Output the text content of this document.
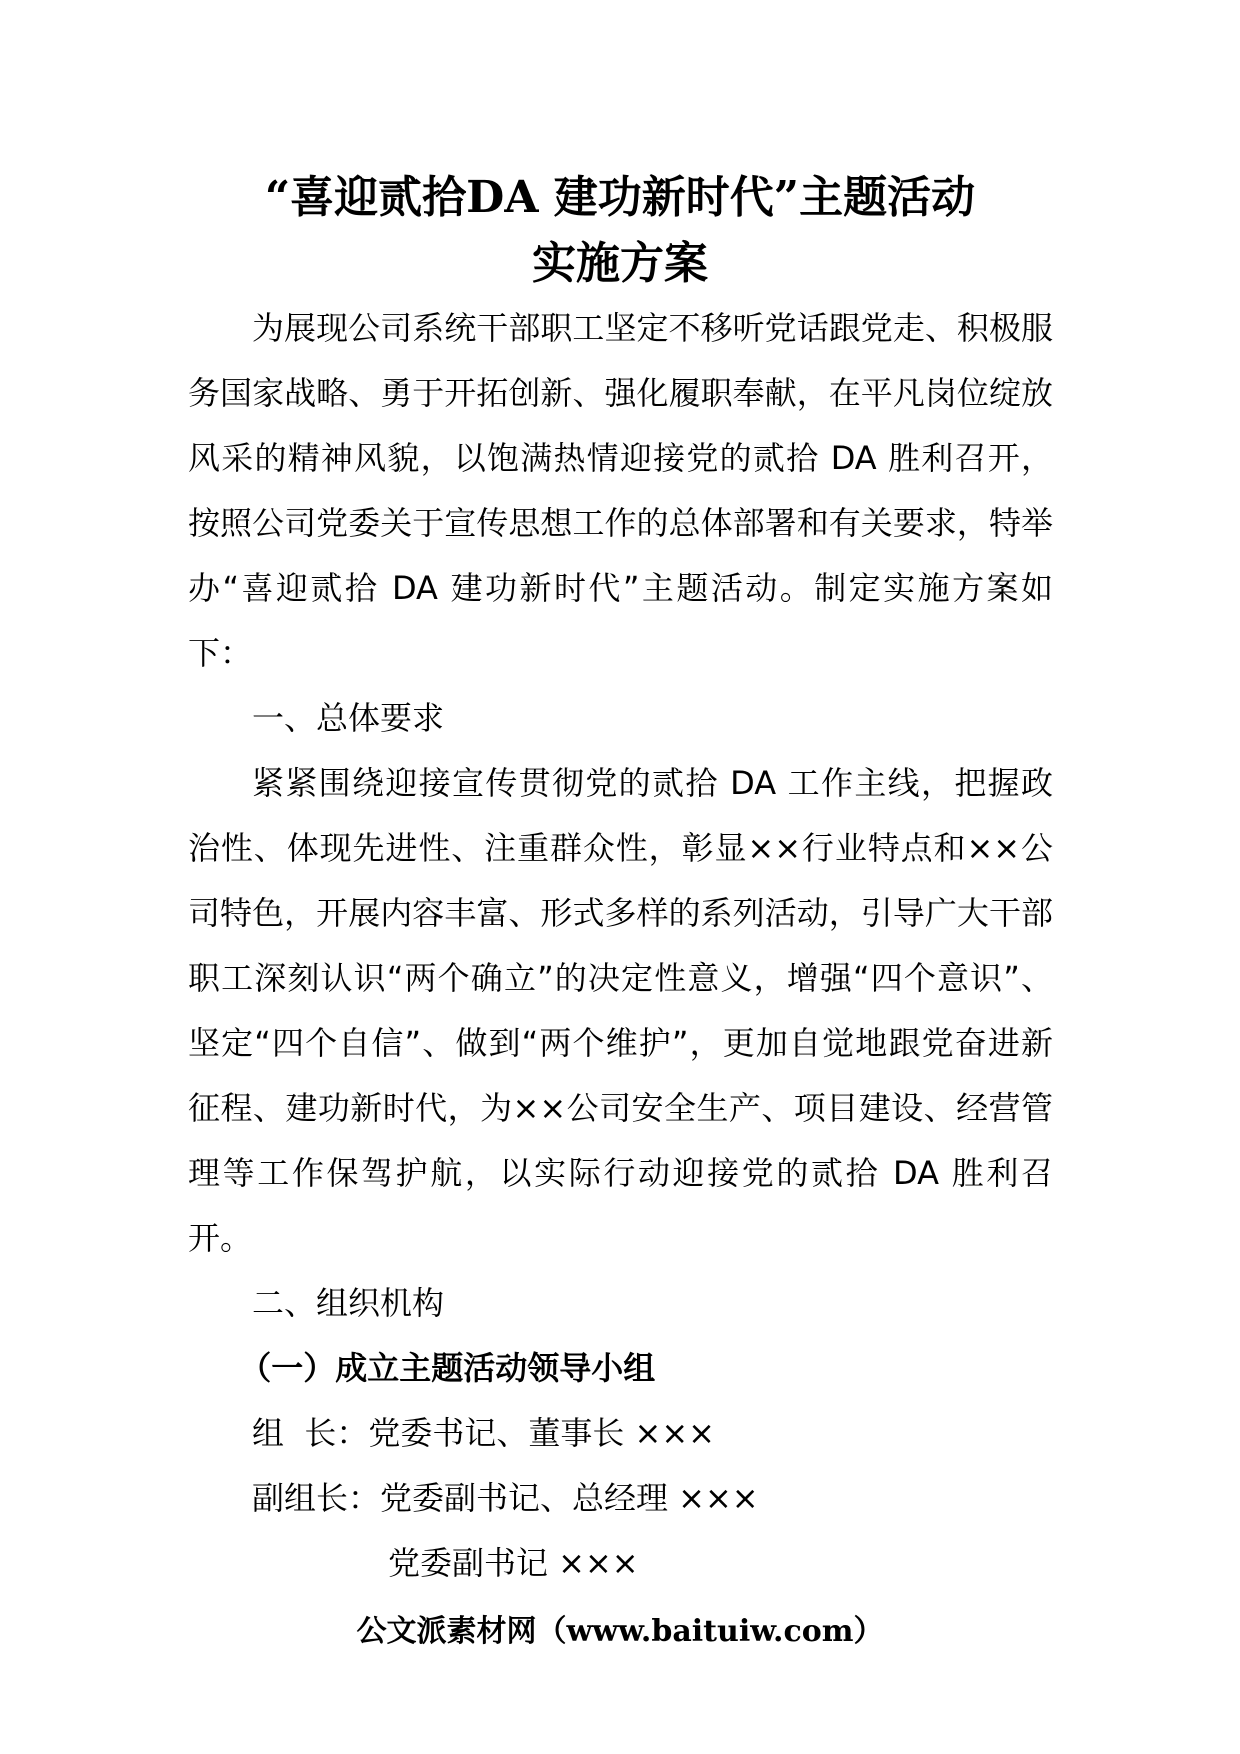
“喜迎贰拾DA 建功新时代”主题活动
实施方案

为展现公司系统干部职工坚定不移听党话跟党走、积极服务国家战略、勇于开拓创新、强化履职奉献，在平凡岗位绽放风采的精神风貌，以饱满热情迎接党的贰拾 DA 胜利召开，按照公司党委关于宣传思想工作的总体部署和有关要求，特举办“喜迎贰拾 DA 建功新时代”主题活动。制定实施方案如下：

一、总体要求

紧紧围绕迎接宣传贯彻党的贰拾 DA 工作主线，把握政治性、体现先进性、注重群众性，彰显××行业特点和××公司特色，开展内容丰富、形式多样的系列活动，引导广大干部职工深刻认识“两个确立”的决定性意义，增强“四个意识”、坚定“四个自信”、做到“两个维护”，更加自觉地跟党奋进新征程、建功新时代，为××公司安全生产、项目建设、经营管理等工作保驾护航，以实际行动迎接党的贰拾 DA 胜利召开。

二、组织机构

（一）成立主题活动领导小组

组  长：党委书记、董事长 ×××

副组长：党委副书记、总经理 ×××

党委副书记 ×××

公文派素材网（www.baituiw.com）
